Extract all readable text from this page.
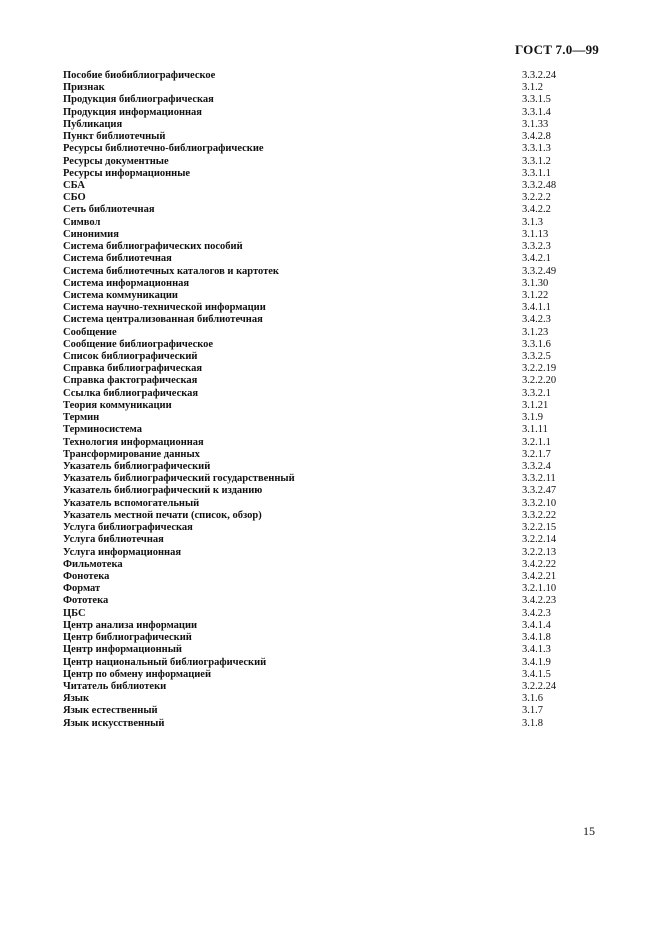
ГОСТ 7.0—99
Пособие биобиблиографическое	3.3.2.24
Признак	3.1.2
Продукция библиографическая	3.3.1.5
Продукция информационная	3.3.1.4
Публикация	3.1.33
Пункт библиотечный	3.4.2.8
Ресурсы библиотечно-библиографические	3.3.1.3
Ресурсы документные	3.3.1.2
Ресурсы информационные	3.3.1.1
СБА	3.3.2.48
СБО	3.2.2.2
Сеть библиотечная	3.4.2.2
Символ	3.1.3
Синонимия	3.1.13
Система библиографических пособий	3.3.2.3
Система библиотечная	3.4.2.1
Система библиотечных каталогов и картотек	3.3.2.49
Система информационная	3.1.30
Система коммуникации	3.1.22
Система научно-технической информации	3.4.1.1
Система централизованная библиотечная	3.4.2.3
Сообщение	3.1.23
Сообщение библиографическое	3.3.1.6
Список библиографический	3.3.2.5
Справка библиографическая	3.2.2.19
Справка фактографическая	3.2.2.20
Ссылка библиографическая	3.3.2.1
Теория коммуникации	3.1.21
Термин	3.1.9
Терминосистема	3.1.11
Технология информационная	3.2.1.1
Трансформирование данных	3.2.1.7
Указатель библиографический	3.3.2.4
Указатель библиографический государственный	3.3.2.11
Указатель библиографический к изданию	3.3.2.47
Указатель вспомогательный	3.3.2.10
Указатель местной печати (список, обзор)	3.3.2.22
Услуга библиографическая	3.2.2.15
Услуга библиотечная	3.2.2.14
Услуга информационная	3.2.2.13
Фильмотека	3.4.2.22
Фонотека	3.4.2.21
Формат	3.2.1.10
Фототека	3.4.2.23
ЦБС	3.4.2.3
Центр анализа информации	3.4.1.4
Центр библиографический	3.4.1.8
Центр информационный	3.4.1.3
Центр национальный библиографический	3.4.1.9
Центр по обмену информацией	3.4.1.5
Читатель библиотеки	3.2.2.24
Язык	3.1.6
Язык естественный	3.1.7
Язык искусственный	3.1.8
15
